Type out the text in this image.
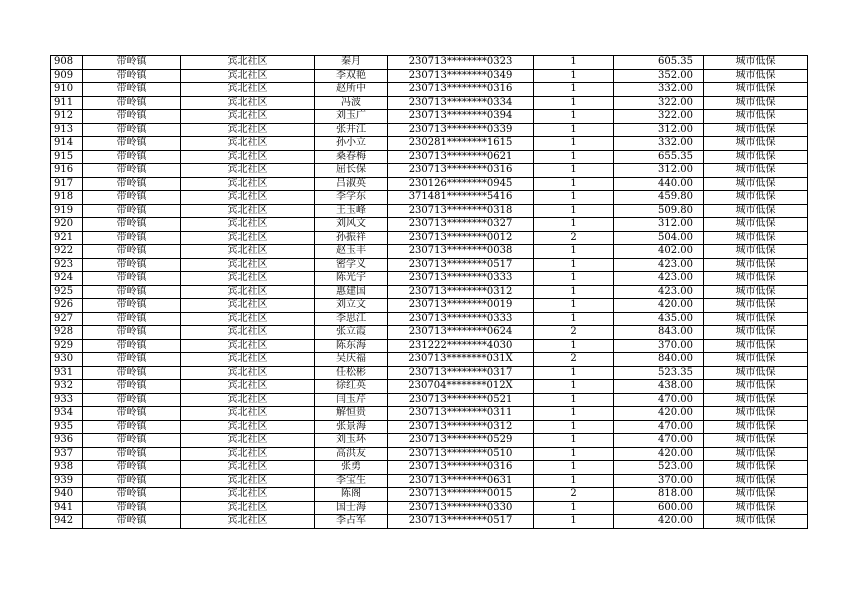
908	带岭镇	宾北社区	秦月	230713********0323	1	605.35	城市低保
909	带岭镇	宾北社区	李双艳	230713********0349	1	352.00	城市低保
910	带岭镇	宾北社区	赵所中	230713********0316	1	332.00	城市低保
911	带岭镇	宾北社区	冯波	230713********0334	1	322.00	城市低保
912	带岭镇	宾北社区	刘玉广	230713********0394	1	322.00	城市低保
913	带岭镇	宾北社区	张井江	230713********0339	1	312.00	城市低保
914	带岭镇	宾北社区	孙小立	230281********1615	1	332.00	城市低保
915	带岭镇	宾北社区	桑春梅	230713********0621	1	655.35	城市低保
916	带岭镇	宾北社区	屈长保	230713********0316	1	312.00	城市低保
917	带岭镇	宾北社区	吕淑英	230126********0945	1	440.00	城市低保
918	带岭镇	宾北社区	李学东	371481********5416	1	459.80	城市低保
919	带岭镇	宾北社区	王玉峰	230713********0318	1	509.80	城市低保
920	带岭镇	宾北社区	刘风文	230713********0327	1	312.00	城市低保
921	带岭镇	宾北社区	孙振祥	230713********0012	2	504.00	城市低保
922	带岭镇	宾北社区	赵玉丰	230713********0038	1	402.00	城市低保
923	带岭镇	宾北社区	密学义	230713********0517	1	423.00	城市低保
924	带岭镇	宾北社区	陈光宇	230713********0333	1	423.00	城市低保
925	带岭镇	宾北社区	惠建国	230713********0312	1	423.00	城市低保
926	带岭镇	宾北社区	刘立文	230713********0019	1	420.00	城市低保
927	带岭镇	宾北社区	李思江	230713********0333	1	435.00	城市低保
928	带岭镇	宾北社区	张立霞	230713********0624	2	843.00	城市低保
929	带岭镇	宾北社区	陈东海	231222********4030	1	370.00	城市低保
930	带岭镇	宾北社区	吴庆福	230713********031X	2	840.00	城市低保
931	带岭镇	宾北社区	任松彬	230713********0317	1	523.35	城市低保
932	带岭镇	宾北社区	徐红英	230704********012X	1	438.00	城市低保
933	带岭镇	宾北社区	闫玉芹	230713********0521	1	470.00	城市低保
934	带岭镇	宾北社区	解恒贵	230713********0311	1	420.00	城市低保
935	带岭镇	宾北社区	张景海	230713********0312	1	470.00	城市低保
936	带岭镇	宾北社区	刘玉环	230713********0529	1	470.00	城市低保
937	带岭镇	宾北社区	高洪友	230713********0510	1	420.00	城市低保
938	带岭镇	宾北社区	张勇	230713********0316	1	523.00	城市低保
939	带岭镇	宾北社区	李宝生	230713********0631	1	370.00	城市低保
940	带岭镇	宾北社区	陈阁	230713********0015	2	818.00	城市低保
941	带岭镇	宾北社区	国士海	230713********0330	1	600.00	城市低保
942	带岭镇	宾北社区	李占军	230713********0517	1	420.00	城市低保
